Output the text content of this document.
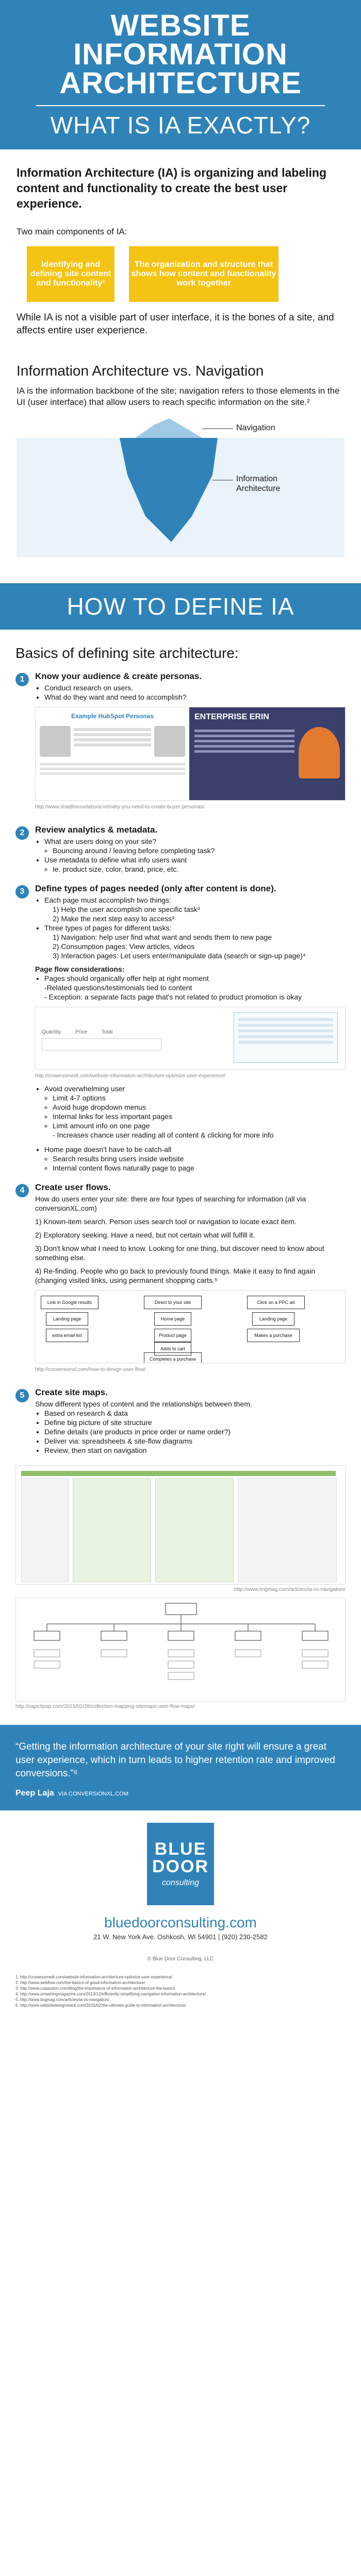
WEBSITE
INFORMATION
ARCHITECTURE
WHAT IS IA EXACTLY?

Information Architecture (IA) is organizing and labeling content and functionality to create the best user experience.

Two main components of IA:

Identifying and defining site content and functionality¹
The organization and structure that shows how content and functionality work together

While IA is not a visible part of user interface, it is the bones of a site, and affects entire user experience.

Information Architecture vs. Navigation

IA is the information backbone of the site; navigation refers to those elements in the UI (user interface) that allow users to reach specific information on the site.²

Navigation
Information Architecture
HOW TO DEFINE IA
Basics of defining site architecture:
1	Know your audience & create personas.
• Conduct research on users.
• What do they want and need to accomplish?
Example HubSpot Personas	ENTERPRISE ERIN
http://www.shadihouselabora.net/why-you-need-to-create-buyer-personas/
2	Review analytics & metadata.
• What are users doing on your site?
◦ Bouncing around / leaving before completing task?
• Use metadata to define what info users want
◦ Ie. product size, color, brand, price, etc.
3	Define types of pages needed (only after content is done).
• Each page must accomplish two things:
1) Help the user accomplish one specific task³
2) Make the next step easy to access³
• Three types of pages for different tasks:
1) Navigation: help user find what want and sends them to new page
2) Consumption pages: View articles, videos
3) Interaction pages: Let users enter/manipulate data (search or sign-up page)⁴
Page flow considerations:
• Pages should organically offer help at right moment
-Related questions/testimonials tied to content
- Exception: a separate facts page that's not related to product promotion is okay
Quantity	Price	Total
http://crowessmedt.com/website-information-architecture-optimize-user-experience/
• Avoid overwhelming user
◦ Limit 4-7 options
◦ Avoid huge dropdown menus
◦ Internal links for less important pages
◦ Limit amount info on one page
- Increases chance user reading all of content & clicking for more info
• Home page doesn't have to be catch-all
◦ Search results bring users inside website
◦ Internal content flows naturally page to page
4	Create user flows.
How do users enter your site: there are four types of searching for information (all via conversionXL.com)
1) Known-item search. Person uses search tool or navigation to locate exact item.
2) Exploratory seeking. Have a need, but not certain what will fulfill it.
3) Don't know what I need to know. Looking for one thing, but discover need to know about something else.
4) Re-finding. People who go back to previously found things. Make it easy to find again (changing visited links, using permanent shopping carts.⁵
Link in Google results	Direct to your site	Click on a PPC ad
Landing page	Home page	Landing page
extra email list	Product page	Makes a purchase
Adds to cart
Completes a purchase
http://conversionxl.com/how-to-design-user-flow/
5	Create site maps.
Show different types of content and the relationships between them.
• Based on research & data
• Define big picture of site structure
• Define details (are products in price order or name order?)
• Deliver via: spreadsheets & site-flow diagrams
• Review, then start on navigation
http://www.tingmag.com/articles/ia-vs-navigation/
http://sapiclipop.com/2015/01/28/collection-mapping-sitemaps-user-flow-maps/

“Getting the information architecture of your site right will ensure a great user experience, which in turn leads to higher retention rate and improved conversions.”⁶

Peep Laja VIA CONVERSIONXL.COM
BLUE
DOOR
consulting
bluedoorconsulting.com
21 W. New York Ave. Oshkosh, WI 54901 | (920) 230-2582
© Blue Door Consulting, LLC
1. http://crowessmedt.com/website-information-architecture-optimize-user-experience/
2. http://www.webflow.com/the-basics-of-good-information-architecture/
3. http://www.uxpassion.com/blog/the-importance-of-information-architecture-the-basics
4. http://www.smashingmagazine.com/2013/12/efficiently-simplifying-navigation-information-architecture/
5. http://www.tingmag.com/articles/ia-vs-navigation/
6. http://www.websitedesignstack.com/2015/02/the-ultimate-guide-to-information-architecture/
